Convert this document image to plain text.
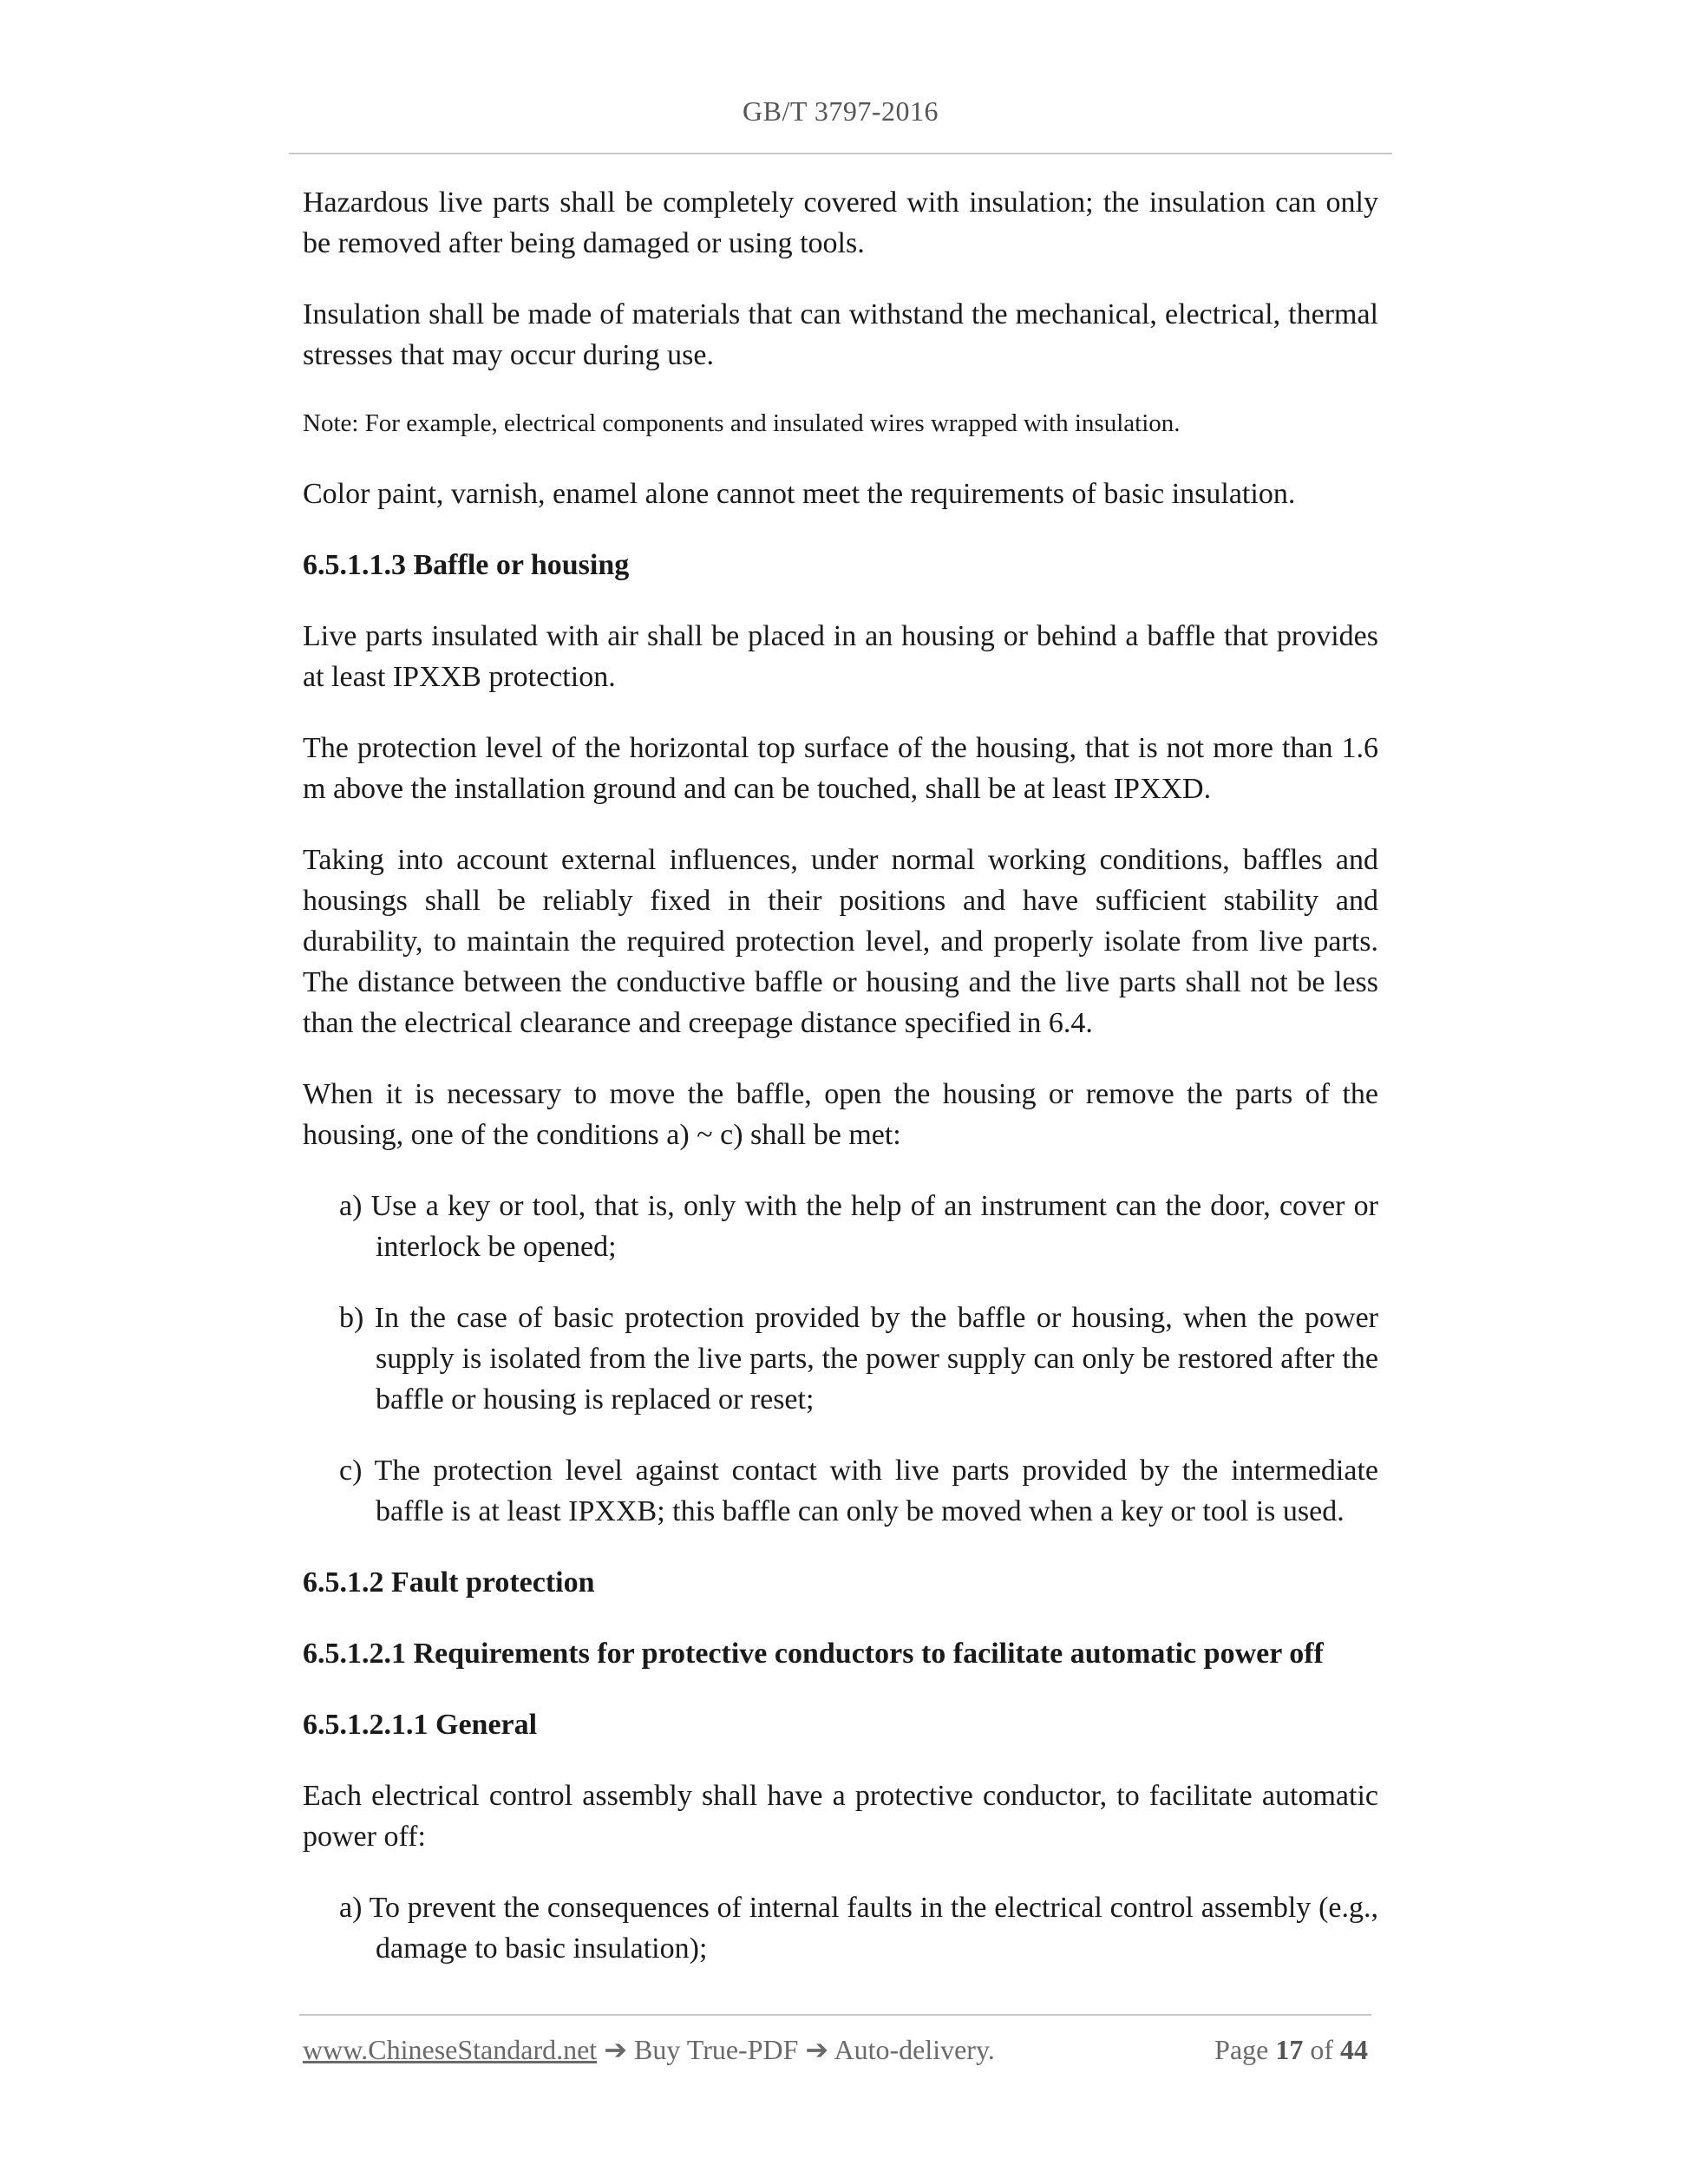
GB/T 3797-2016

Hazardous live parts shall be completely covered with insulation; the insulation can only be removed after being damaged or using tools.

Insulation shall be made of materials that can withstand the mechanical, electrical, thermal stresses that may occur during use.

Note: For example, electrical components and insulated wires wrapped with insulation.

Color paint, varnish, enamel alone cannot meet the requirements of basic insulation.

6.5.1.1.3 Baffle or housing

Live parts insulated with air shall be placed in an housing or behind a baffle that provides at least IPXXB protection.

The protection level of the horizontal top surface of the housing, that is not more than 1.6 m above the installation ground and can be touched, shall be at least IPXXD.

Taking into account external influences, under normal working conditions, baffles and housings shall be reliably fixed in their positions and have sufficient stability and durability, to maintain the required protection level, and properly isolate from live parts. The distance between the conductive baffle or housing and the live parts shall not be less than the electrical clearance and creepage distance specified in 6.4.

When it is necessary to move the baffle, open the housing or remove the parts of the housing, one of the conditions a) ~ c) shall be met:

a) Use a key or tool, that is, only with the help of an instrument can the door, cover or interlock be opened;

b) In the case of basic protection provided by the baffle or housing, when the power supply is isolated from the live parts, the power supply can only be restored after the baffle or housing is replaced or reset;

c) The protection level against contact with live parts provided by the intermediate baffle is at least IPXXB; this baffle can only be moved when a key or tool is used.

6.5.1.2 Fault protection

6.5.1.2.1 Requirements for protective conductors to facilitate automatic power off

6.5.1.2.1.1 General

Each electrical control assembly shall have a protective conductor, to facilitate automatic power off:

a) To prevent the consequences of internal faults in the electrical control assembly (e.g., damage to basic insulation);

www.ChineseStandard.net ➔ Buy True-PDF ➔ Auto-delivery.	Page 17 of 44
